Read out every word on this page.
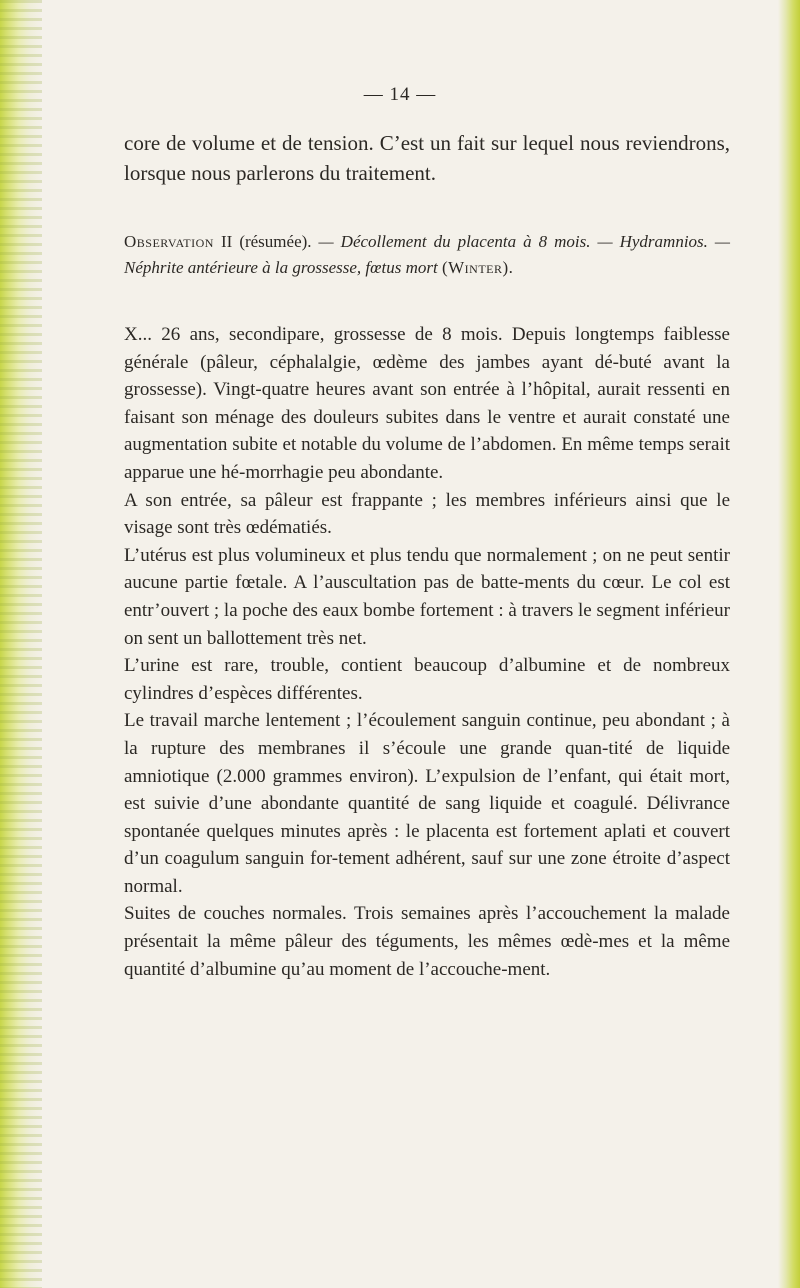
— 14 —

core de volume et de tension. C’est un fait sur lequel nous reviendrons, lorsque nous parlerons du traitement.

Observation II (résumée). — Décollement du placenta à 8 mois. — Hydramnios. — Néphrite antérieure à la grossesse, fœtus mort (Winter).

X... 26 ans, secondipare, grossesse de 8 mois. Depuis longtemps faiblesse générale (pâleur, céphalalgie, œdème des jambes ayant dé-buté avant la grossesse). Vingt-quatre heures avant son entrée à l’hôpital, aurait ressenti en faisant son ménage des douleurs subites dans le ventre et aurait constaté une augmentation subite et notable du volume de l’abdomen. En même temps serait apparue une hé-morrhagie peu abondante.

A son entrée, sa pâleur est frappante ; les membres inférieurs ainsi que le visage sont très œdématiés.

L’utérus est plus volumineux et plus tendu que normalement ; on ne peut sentir aucune partie fœtale. A l’auscultation pas de batte-ments du cœur. Le col est entr’ouvert ; la poche des eaux bombe fortement : à travers le segment inférieur on sent un ballottement très net.

L’urine est rare, trouble, contient beaucoup d’albumine et de nombreux cylindres d’espèces différentes.

Le travail marche lentement ; l’écoulement sanguin continue, peu abondant ; à la rupture des membranes il s’écoule une grande quan-tité de liquide amniotique (2.000 grammes environ). L’expulsion de l’enfant, qui était mort, est suivie d’une abondante quantité de sang liquide et coagulé. Délivrance spontanée quelques minutes après : le placenta est fortement aplati et couvert d’un coagulum sanguin for-tement adhérent, sauf sur une zone étroite d’aspect normal.

Suites de couches normales. Trois semaines après l’accouchement la malade présentait la même pâleur des téguments, les mêmes œdè-mes et la même quantité d’albumine qu’au moment de l’accouche-ment.
